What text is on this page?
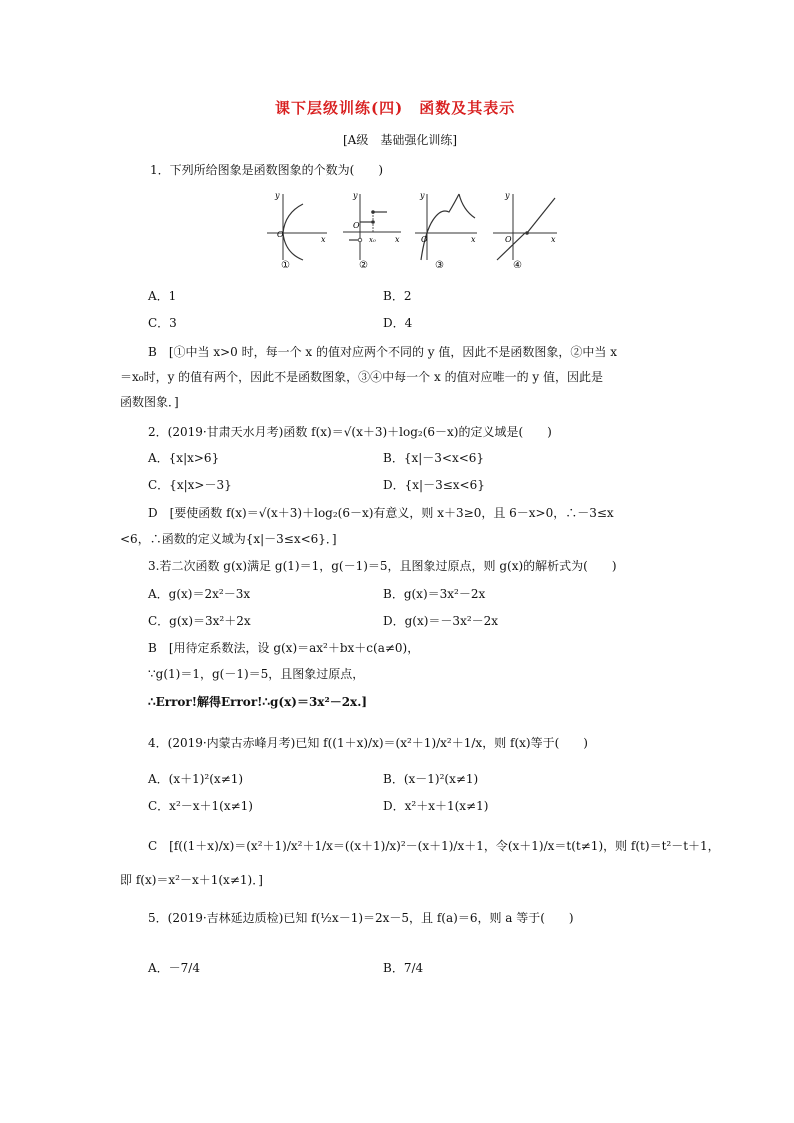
课下层级训练(四)　函数及其表示
[A级　基础强化训练]
1．下列所给图象是函数图象的个数为(　　)
O
x
y
O
x₀ x
y
O	x
y
O	x
y
①	②	③	④
A．1	B．2
C．3	D．4
B　[①中当 x>0 时，每一个 x 的值对应两个不同的 y 值，因此不是函数图象，②中当 x
＝x₀时，y 的值有两个，因此不是函数图象，③④中每一个 x 的值对应唯一的 y 值，因此是
函数图象．]
2．(2019·甘肃天水月考)函数 f(x)＝√(x＋3)＋log₂(6－x)的定义域是(　　)
A．{x|x>6}	B．{x|－3<x<6}
C．{x|x>－3}	D．{x|－3≤x<6}
D　[要使函数 f(x)＝√(x＋3)＋log₂(6－x)有意义，则 x＋3≥0，且 6－x>0，∴－3≤x
<6，∴函数的定义域为{x|－3≤x<6}．]
3.若二次函数 g(x)满足 g(1)＝1，g(－1)＝5，且图象过原点，则 g(x)的解析式为(　　)
A．g(x)＝2x²－3x	B．g(x)＝3x²－2x
C．g(x)＝3x²＋2x	D．g(x)＝－3x²－2x
B　[用待定系数法，设 g(x)＝ax²＋bx＋c(a≠0)，
∵g(1)＝1，g(－1)＝5，且图象过原点，
∴Error!解得Error!∴g(x)＝3x²－2x.]
4．(2019·内蒙古赤峰月考)已知 f((1＋x)/x)＝(x²＋1)/x²＋1/x，则 f(x)等于(　　)
A．(x＋1)²(x≠1)	B．(x－1)²(x≠1)
C．x²－x＋1(x≠1)	D．x²＋x＋1(x≠1)
C　[f((1＋x)/x)＝(x²＋1)/x²＋1/x＝((x＋1)/x)²－(x＋1)/x＋1，令(x＋1)/x＝t(t≠1)，则 f(t)＝t²－t＋1，
即 f(x)＝x²－x＋1(x≠1)．]
5．(2019·吉林延边质检)已知 f(½x－1)＝2x－5，且 f(a)＝6，则 a 等于(　　)
A．－7/4	B．7/4
